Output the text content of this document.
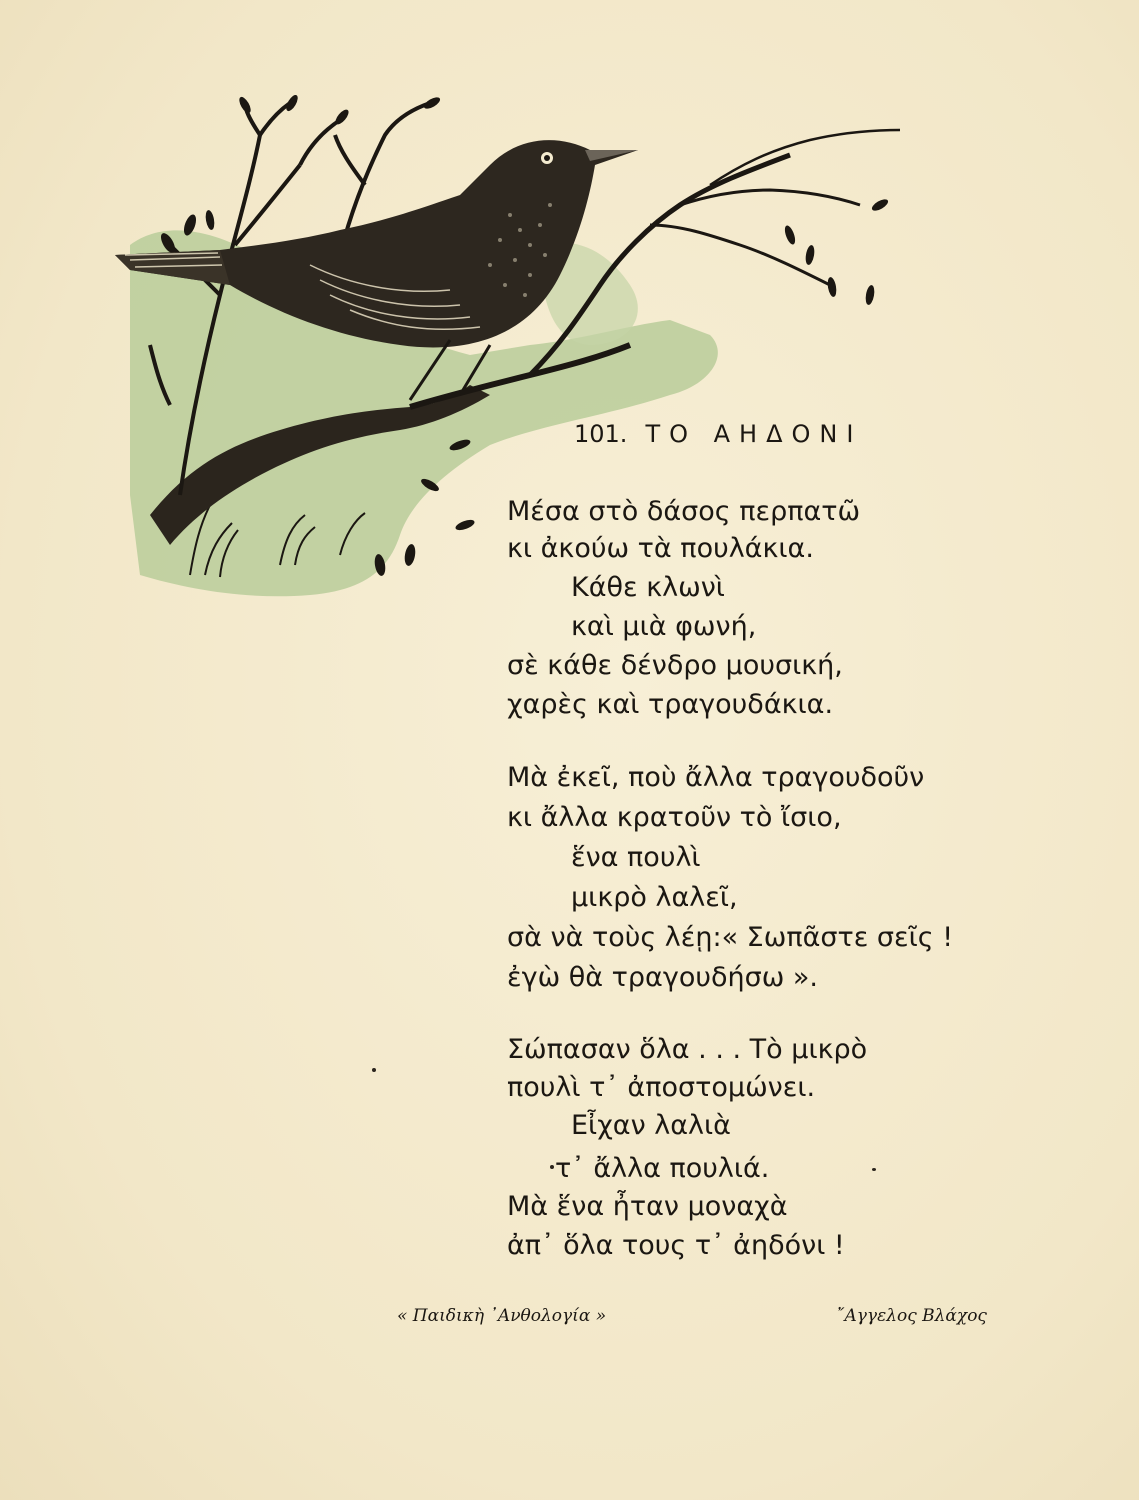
101. ΤΟ ΑΗΔΟΝΙ
Μέσα στὸ δάσος περπατῶ
κι ἀκούω τὰ πουλάκια.
Κάθε κλωνὶ
καὶ μιὰ φωνή,
σὲ κάθε δένδρο μουσική,
χαρὲς καὶ τραγουδάκια.
Μὰ ἐκεῖ, ποὺ ἄλλα τραγουδοῦν
κι ἄλλα κρατοῦν τὸ ἴσιο,
ἕνα πουλὶ
μικρὸ λαλεῖ,
σὰ νὰ τοὺς λέῃ:« Σωπᾶστε σεῖς !
ἐγὼ θὰ τραγουδήσω ».
Σώπασαν ὅλα . . . Τὸ μικρὸ
πουλὶ τ᾽ ἀποστομώνει.
Εἶχαν λαλιὰ
τ᾽ ἄλλα πουλιά.
Μὰ ἕνα ἦταν μοναχὰ
ἀπ᾽ ὅλα τους τ᾽ ἀηδόνι !
« Παιδικὴ ᾿Ανθολογία »	῎Αγγελος Βλάχος
